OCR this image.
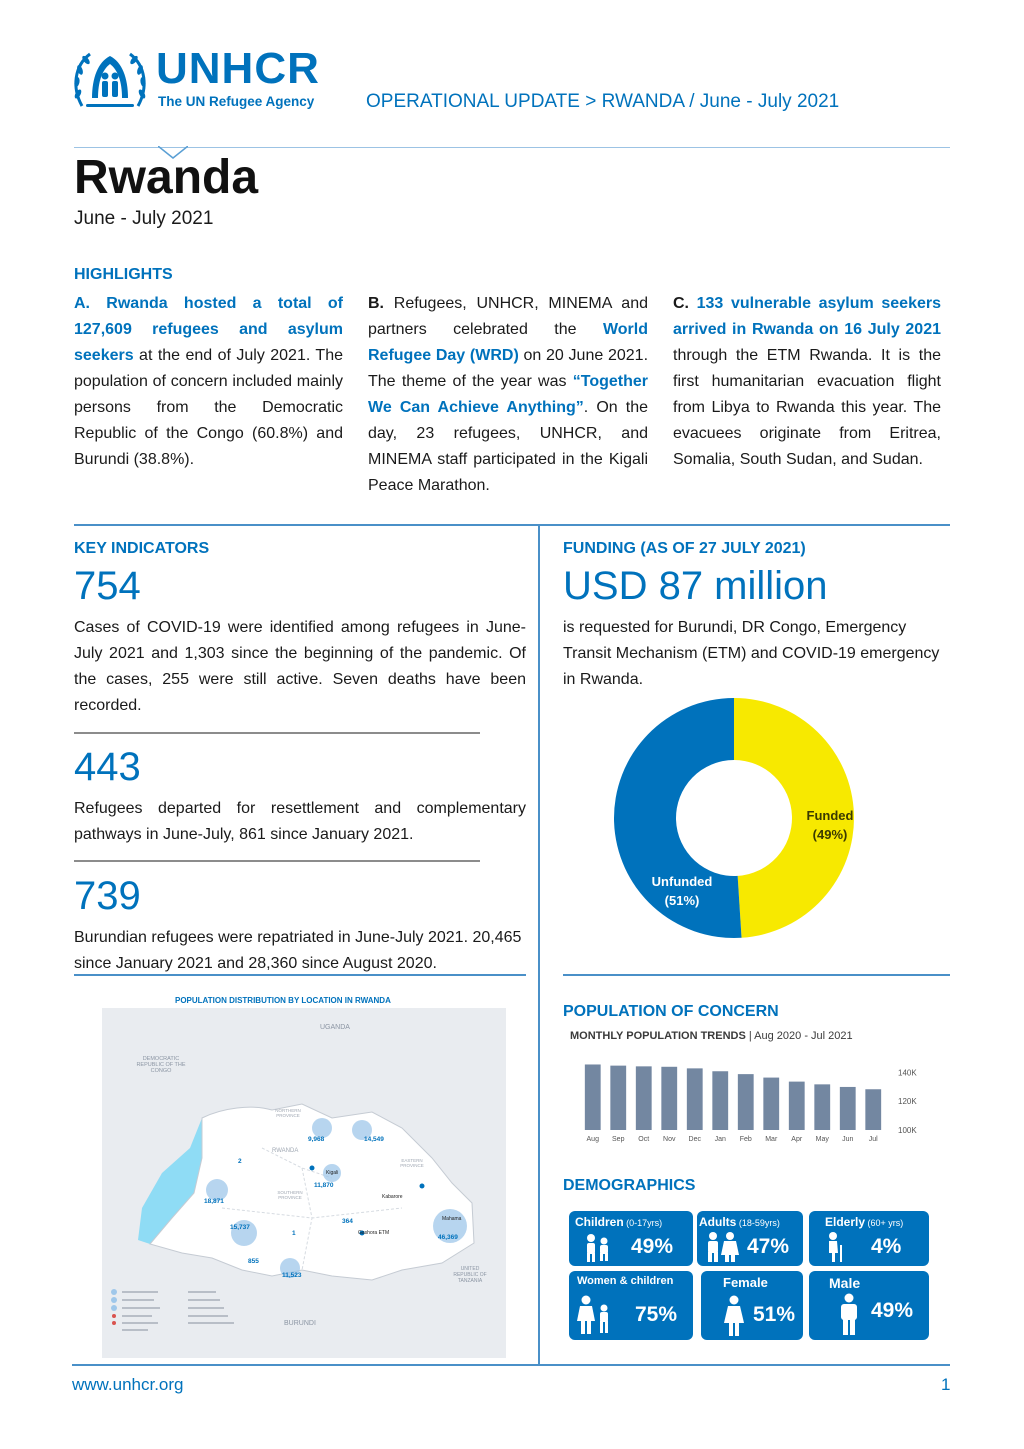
UNHCR
The UN Refugee Agency	OPERATIONAL UPDATE > RWANDA / June - July 2021
Rwanda
June - July 2021
HIGHLIGHTS
A. Rwanda hosted a total of 127,609 refugees and asylum seekers at the end of July 2021. The population of concern included mainly persons from the Democratic Republic of the Congo (60.8%) and Burundi (38.8%).
B. Refugees, UNHCR, MINEMA and partners celebrated the World Refugee Day (WRD) on 20 June 2021. The theme of the year was “Together We Can Achieve Anything”. On the day, 23 refugees, UNHCR, and MINEMA staff participated in the Kigali Peace Marathon.
C. 133 vulnerable asylum seekers arrived in Rwanda on 16 July 2021 through the ETM Rwanda. It is the first humanitarian evacuation flight from Libya to Rwanda this year. The evacuees originate from Eritrea, Somalia, South Sudan, and Sudan.
KEY INDICATORS
754
Cases of COVID-19 were identified among refugees in June-July 2021 and 1,303 since the beginning of the pandemic. Of the cases, 255 were still active. Seven deaths have been recorded.
443
Refugees departed for resettlement and complementary pathways in June-July, 861 since January 2021.
739
Burundian refugees were repatriated in June-July 2021. 20,465 since January 2021 and 28,360 since August 2020.
POPULATION DISTRIBUTION BY LOCATION IN RWANDA
UGANDA
DEMOCRATIC REPUBLIC OF THE CONGO
BURUNDI
UNITED REPUBLIC OF TANZANIA
RWANDA
NORTHERN PROVINCE
EASTERN PROVINCE
SOUTHERN PROVINCE
Kigali
Kabarore
Gashora ETM
Mahama
9,968	14,549
18,871
11,870
15,737
364
46,369
855
11,523
1
2
FUNDING (AS OF 27 JULY 2021)
USD 87 million
is requested for Burundi, DR Congo, Emergency Transit Mechanism (ETM) and COVID-19 emergency in Rwanda.
Funded (49%)
Unfunded (51%)
POPULATION OF CONCERN
MONTHLY POPULATION TRENDS | Aug 2020 - Jul 2021
Aug Sep Oct Nov Dec Jan Feb Mar Apr May Jun Jul
140K
120K
100K
DEMOGRAPHICS
Children (0-17yrs)
49%
Adults (18-59yrs)
47%
Elderly (60+ yrs)
4%
Women & children
75%
Female
51%
Male
49%
www.unhcr.org	1
